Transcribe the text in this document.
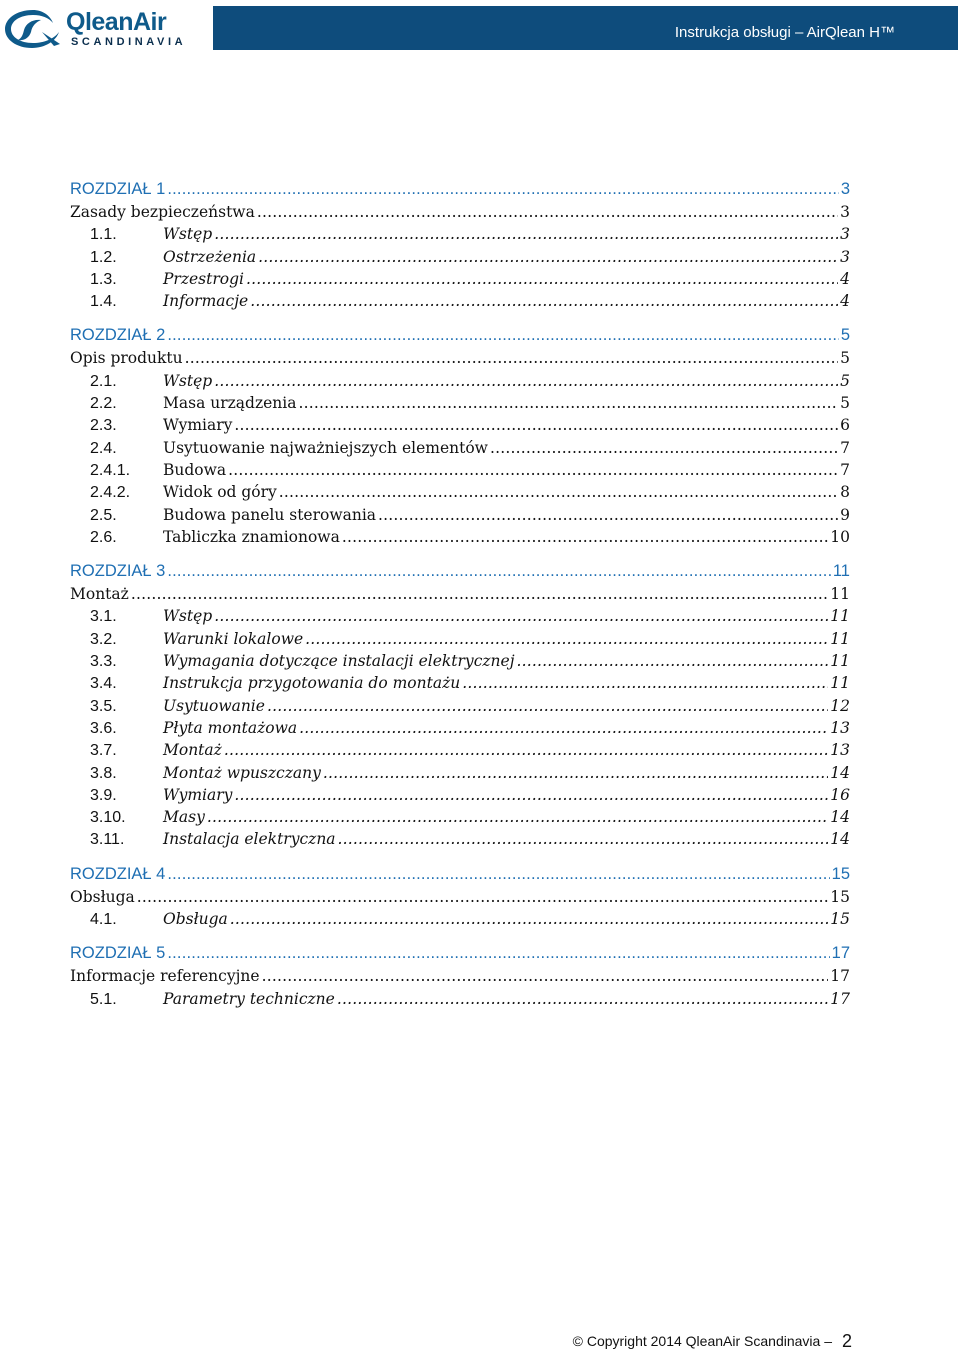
QleanAir
SCANDINAVIA
Instrukcja obsługi – AirQlean H™
ROZDZIAŁ 1 .....	3
Zasady bezpieczeństwa .....	3
1.1.	Wstęp .....	3
1.2.	Ostrzeżenia .....	3
1.3.	Przestrogi .....	4
1.4.	Informacje .....	4
ROZDZIAŁ 2 .....	5
Opis produktu .....	5
2.1.	Wstęp .....	5
2.2.	Masa urządzenia .....	5
2.3.	Wymiary .....	6
2.4.	Usytuowanie najważniejszych elementów .....	7
2.4.1.	Budowa .....	7
2.4.2.	Widok od góry .....	8
2.5.	Budowa panelu sterowania .....	9
2.6.	Tabliczka znamionowa .....	10
ROZDZIAŁ 3 .....	11
Montaż .....	11
3.1.	Wstęp .....	11
3.2.	Warunki lokalowe .....	11
3.3.	Wymagania dotyczące instalacji elektrycznej .....	11
3.4.	Instrukcja przygotowania do montażu .....	11
3.5.	Usytuowanie .....	12
3.6.	Płyta montażowa .....	13
3.7.	Montaż .....	13
3.8.	Montaż wpuszczany .....	14
3.9.	Wymiary .....	16
3.10.	Masy .....	14
3.11.	Instalacja elektryczna .....	14
ROZDZIAŁ 4 .....	15
Obsługa .....	15
4.1.	Obsługa .....	15
ROZDZIAŁ 5 .....	17
Informacje referencyjne .....	17
5.1.	Parametry techniczne .....	17
© Copyright 2014 QleanAir Scandinavia – 2
